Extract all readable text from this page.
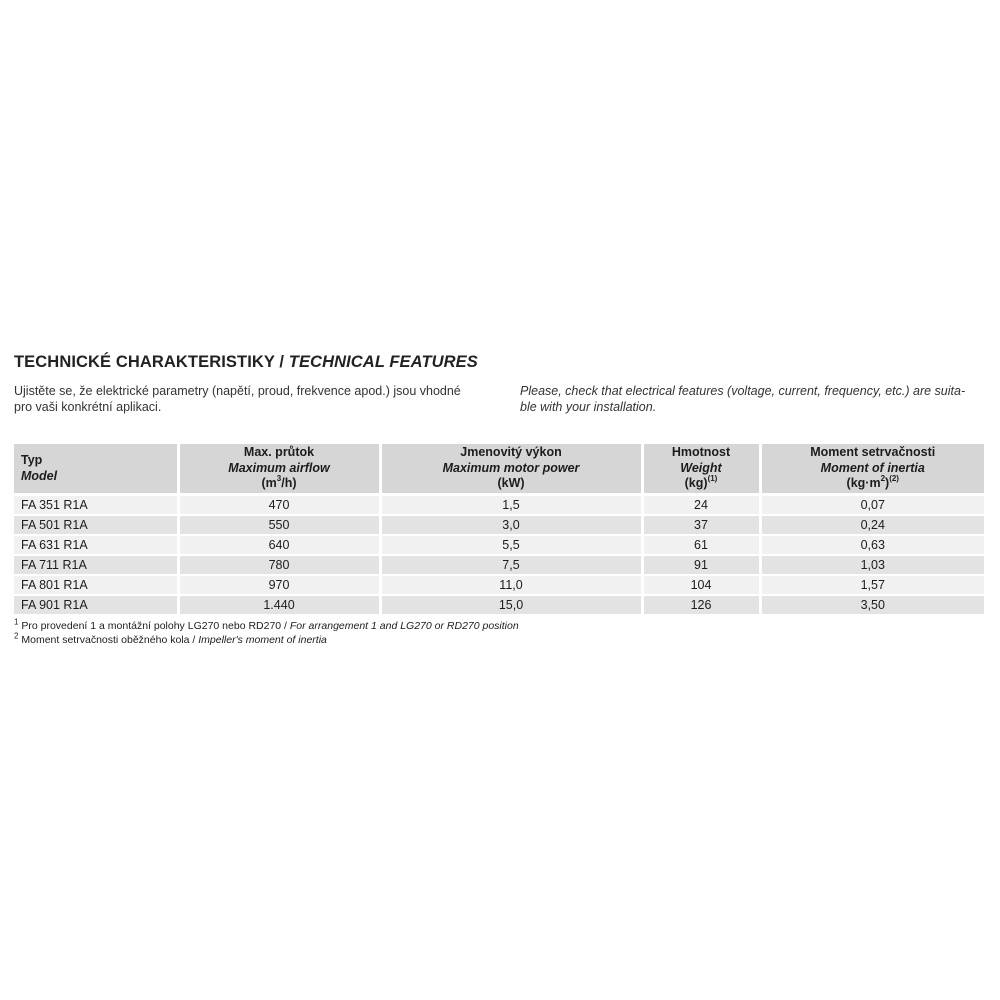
TECHNICKÉ CHARAKTERISTIKY / TECHNICAL FEATURES

Ujistěte se, že elektrické parametry (napětí, proud, frekvence apod.) jsou vhodné
pro vaši konkrétní aplikaci.

Please, check that electrical features (voltage, current, frequency, etc.) are suita-
ble with your installation.

Typ
Model	Max. průtok
Maximum airflow
$(m^3/h)$	Jmenovitý výkon
Maximum motor power
(kW)	Hmotnost
Weight
(kg)$^{(1)}$	Moment setrvačnosti
Moment of inertia
$(kg\cdot m^2)^{(2)}$

FA 351 R1A	470	1,5	24	0,07
FA 501 R1A	550	3,0	37	0,24
FA 631 R1A	640	5,5	61	0,63
FA 711 R1A	780	7,5	91	1,03
FA 801 R1A	970	11,0	104	1,57
FA 901 R1A	1.440	15,0	126	3,50
$^1$ Pro provedení 1 a montážní polohy LG270 nebo RD270 / For arrangement 1 and LG270 or RD270 position
$^2$ Moment setrvačnosti oběžného kola / Impeller's moment of inertia
